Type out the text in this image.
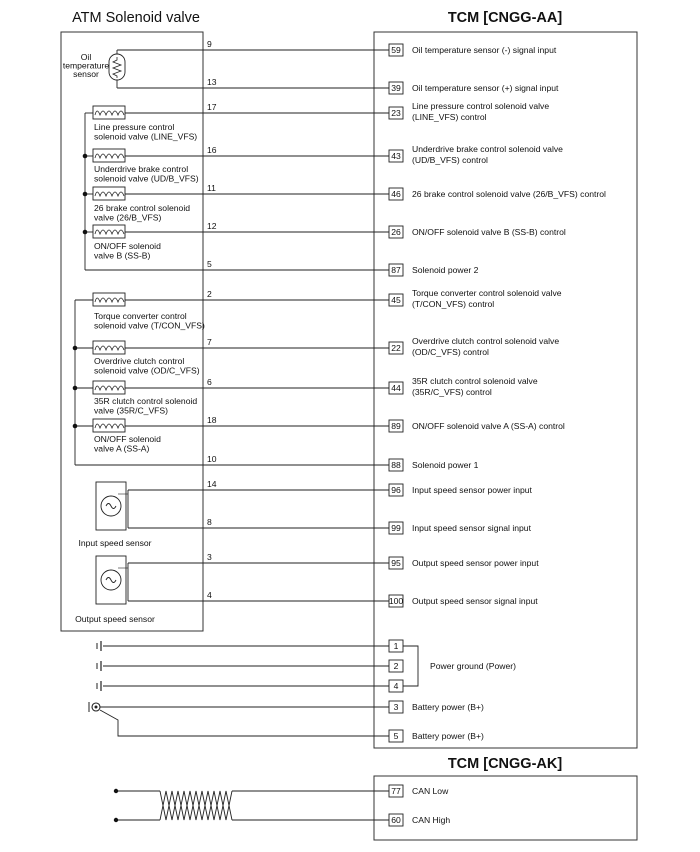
ATM Solenoid valve	TCM [CNGG-AA]
TCM [CNGG-AK]
9
13
17
16
11
12
5
2
7
6
18
10
14
8
3
4
59 Oil temperature sensor (-) signal input
39 Oil temperature sensor (+) signal input
23
Line pressure control solenoid valve (LINE_VFS) control
43
Underdrive brake control solenoid valve (UD/B_VFS) control
46 26 brake control solenoid valve (26/B_VFS) control
26 ON/OFF solenoid valve B (SS-B) control
87 Solenoid power 2
45
Torque converter control solenoid valve (T/CON_VFS) control
22
Overdrive clutch control solenoid valve (OD/C_VFS) control
44
35R clutch control solenoid valve (35R/C_VFS) control
89 ON/OFF solenoid valve A (SS-A) control
88 Solenoid power 1
96 Input speed sensor power input
99 Input speed sensor signal input
95 Output speed sensor power input
100 Output speed sensor signal input
1
2
4
Power ground (Power)
3 Battery power (B+)
5 Battery power (B+)
77 CAN Low
60 CAN High
Line pressure control solenoid valve (LINE_VFS)
Underdrive brake control solenoid valve (UD/B_VFS)
26 brake control solenoid valve (26/B_VFS)
ON/OFF solenoid valve B (SS-B)
Torque converter control solenoid valve (T/CON_VFS)
Overdrive clutch control solenoid valve (OD/C_VFS)
35R clutch control solenoid valve (35R/C_VFS)
ON/OFF solenoid valve A (SS-A)
Oil temperature sensor
Input speed sensor
Output speed sensor
